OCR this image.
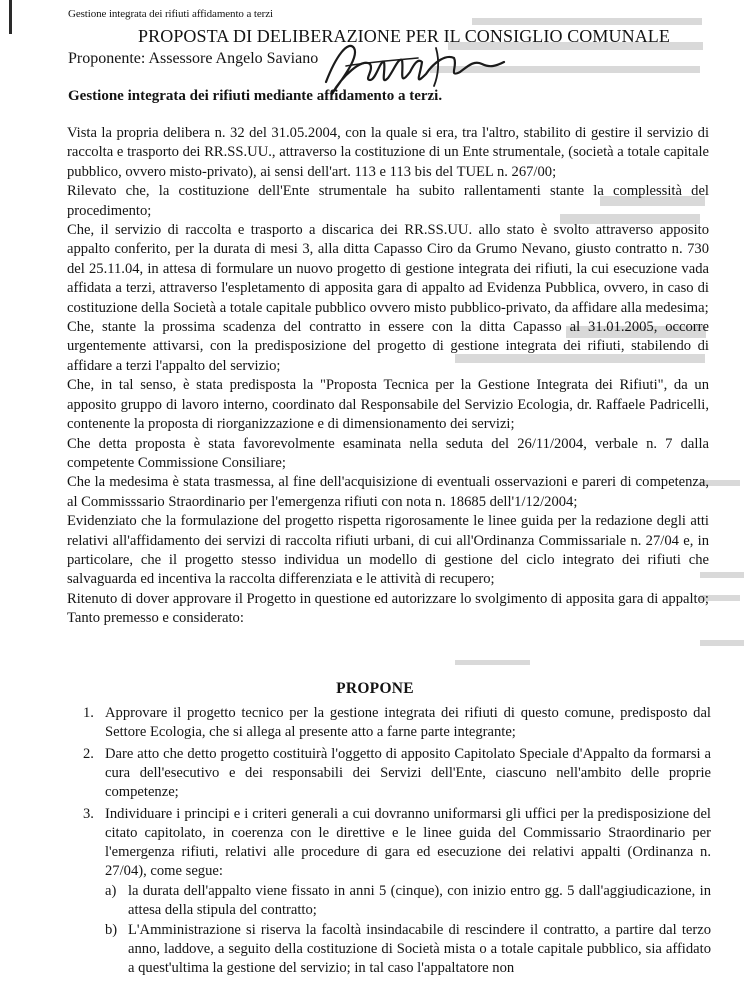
Gestione integrata dei rifiuti affidamento a terzi
PROPOSTA DI DELIBERAZIONE PER IL CONSIGLIO COMUNALE
Proponente: Assessore Angelo Saviano
Gestione integrata dei rifiuti mediante affidamento a terzi.

Vista la propria delibera n. 32 del 31.05.2004, con la quale si era, tra l'altro, stabilito di gestire il servizio di raccolta e trasporto dei RR.SS.UU., attraverso la costituzione di un Ente strumentale, (società a totale capitale pubblico, ovvero misto-privato), ai sensi dell'art. 113 e 113 bis del TUEL n. 267/00;

Rilevato che, la costituzione dell'Ente strumentale ha subito rallentamenti stante la complessità del procedimento;

Che, il servizio di raccolta e trasporto a discarica dei RR.SS.UU. allo stato è svolto attraverso apposito appalto conferito, per la durata di mesi 3, alla ditta Capasso Ciro da Grumo Nevano, giusto contratto n. 730 del 25.11.04, in attesa di formulare un nuovo progetto di gestione integrata dei rifiuti, la cui esecuzione vada affidata a terzi, attraverso l'espletamento di apposita gara di appalto ad Evidenza Pubblica, ovvero, in caso di costituzione della Società a totale capitale pubblico ovvero misto pubblico-privato, da affidare alla medesima;

Che, stante la prossima scadenza del contratto in essere con la ditta Capasso al 31.01.2005, occorre urgentemente attivarsi, con la predisposizione del progetto di gestione integrata dei rifiuti, stabilendo di affidare a terzi l'appalto del servizio;

Che, in tal senso, è stata predisposta la "Proposta Tecnica per la Gestione Integrata dei Rifiuti", da un apposito gruppo di lavoro interno, coordinato dal Responsabile del Servizio Ecologia, dr. Raffaele Padricelli, contenente la proposta di riorganizzazione e di dimensionamento dei servizi;

Che detta proposta è stata favorevolmente esaminata nella seduta del 26/11/2004, verbale n. 7 dalla competente Commissione Consiliare;

Che la medesima è stata trasmessa, al fine dell'acquisizione di eventuali osservazioni e pareri di competenza, al Commisssario Straordinario per l'emergenza rifiuti con nota n. 18685 dell'1/12/2004;

Evidenziato che la formulazione del progetto rispetta rigorosamente le linee guida per la redazione degli atti relativi all'affidamento dei servizi di raccolta rifiuti urbani, di cui all'Ordinanza Commissariale n. 27/04 e, in particolare, che il progetto stesso individua un modello di gestione del ciclo integrato dei rifiuti che salvaguarda ed incentiva la raccolta differenziata e le attività di recupero;

Ritenuto di dover approvare il Progetto in questione ed autorizzare lo svolgimento di apposita gara di appalto;

Tanto premesso e considerato:

PROPONE
1. Approvare il progetto tecnico per la gestione integrata dei rifiuti di questo comune, predisposto dal Settore Ecologia, che si allega al presente atto a farne parte integrante;
2. Dare atto che detto progetto costituirà l'oggetto di apposito Capitolato Speciale d'Appalto da formarsi a cura dell'esecutivo e dei responsabili dei Servizi dell'Ente, ciascuno nell'ambito delle proprie competenze;
3. Individuare i principi e i criteri generali a cui dovranno uniformarsi gli uffici per la predisposizione del citato capitolato, in coerenza con le direttive e le linee guida del Commissario Straordinario per l'emergenza rifiuti, relativi alle procedure di gara ed esecuzione dei relativi appalti (Ordinanza n. 27/04), come segue:
a) la durata dell'appalto viene fissato in anni 5 (cinque), con inizio entro gg. 5 dall'aggiudicazione, in attesa della stipula del contratto;
b) L'Amministrazione si riserva la facoltà insindacabile di rescindere il contratto, a partire dal terzo anno, laddove, a seguito della costituzione di Società mista o a totale capitale pubblico, sia affidato a quest'ultima la gestione del servizio; in tal caso l'appaltatore non
